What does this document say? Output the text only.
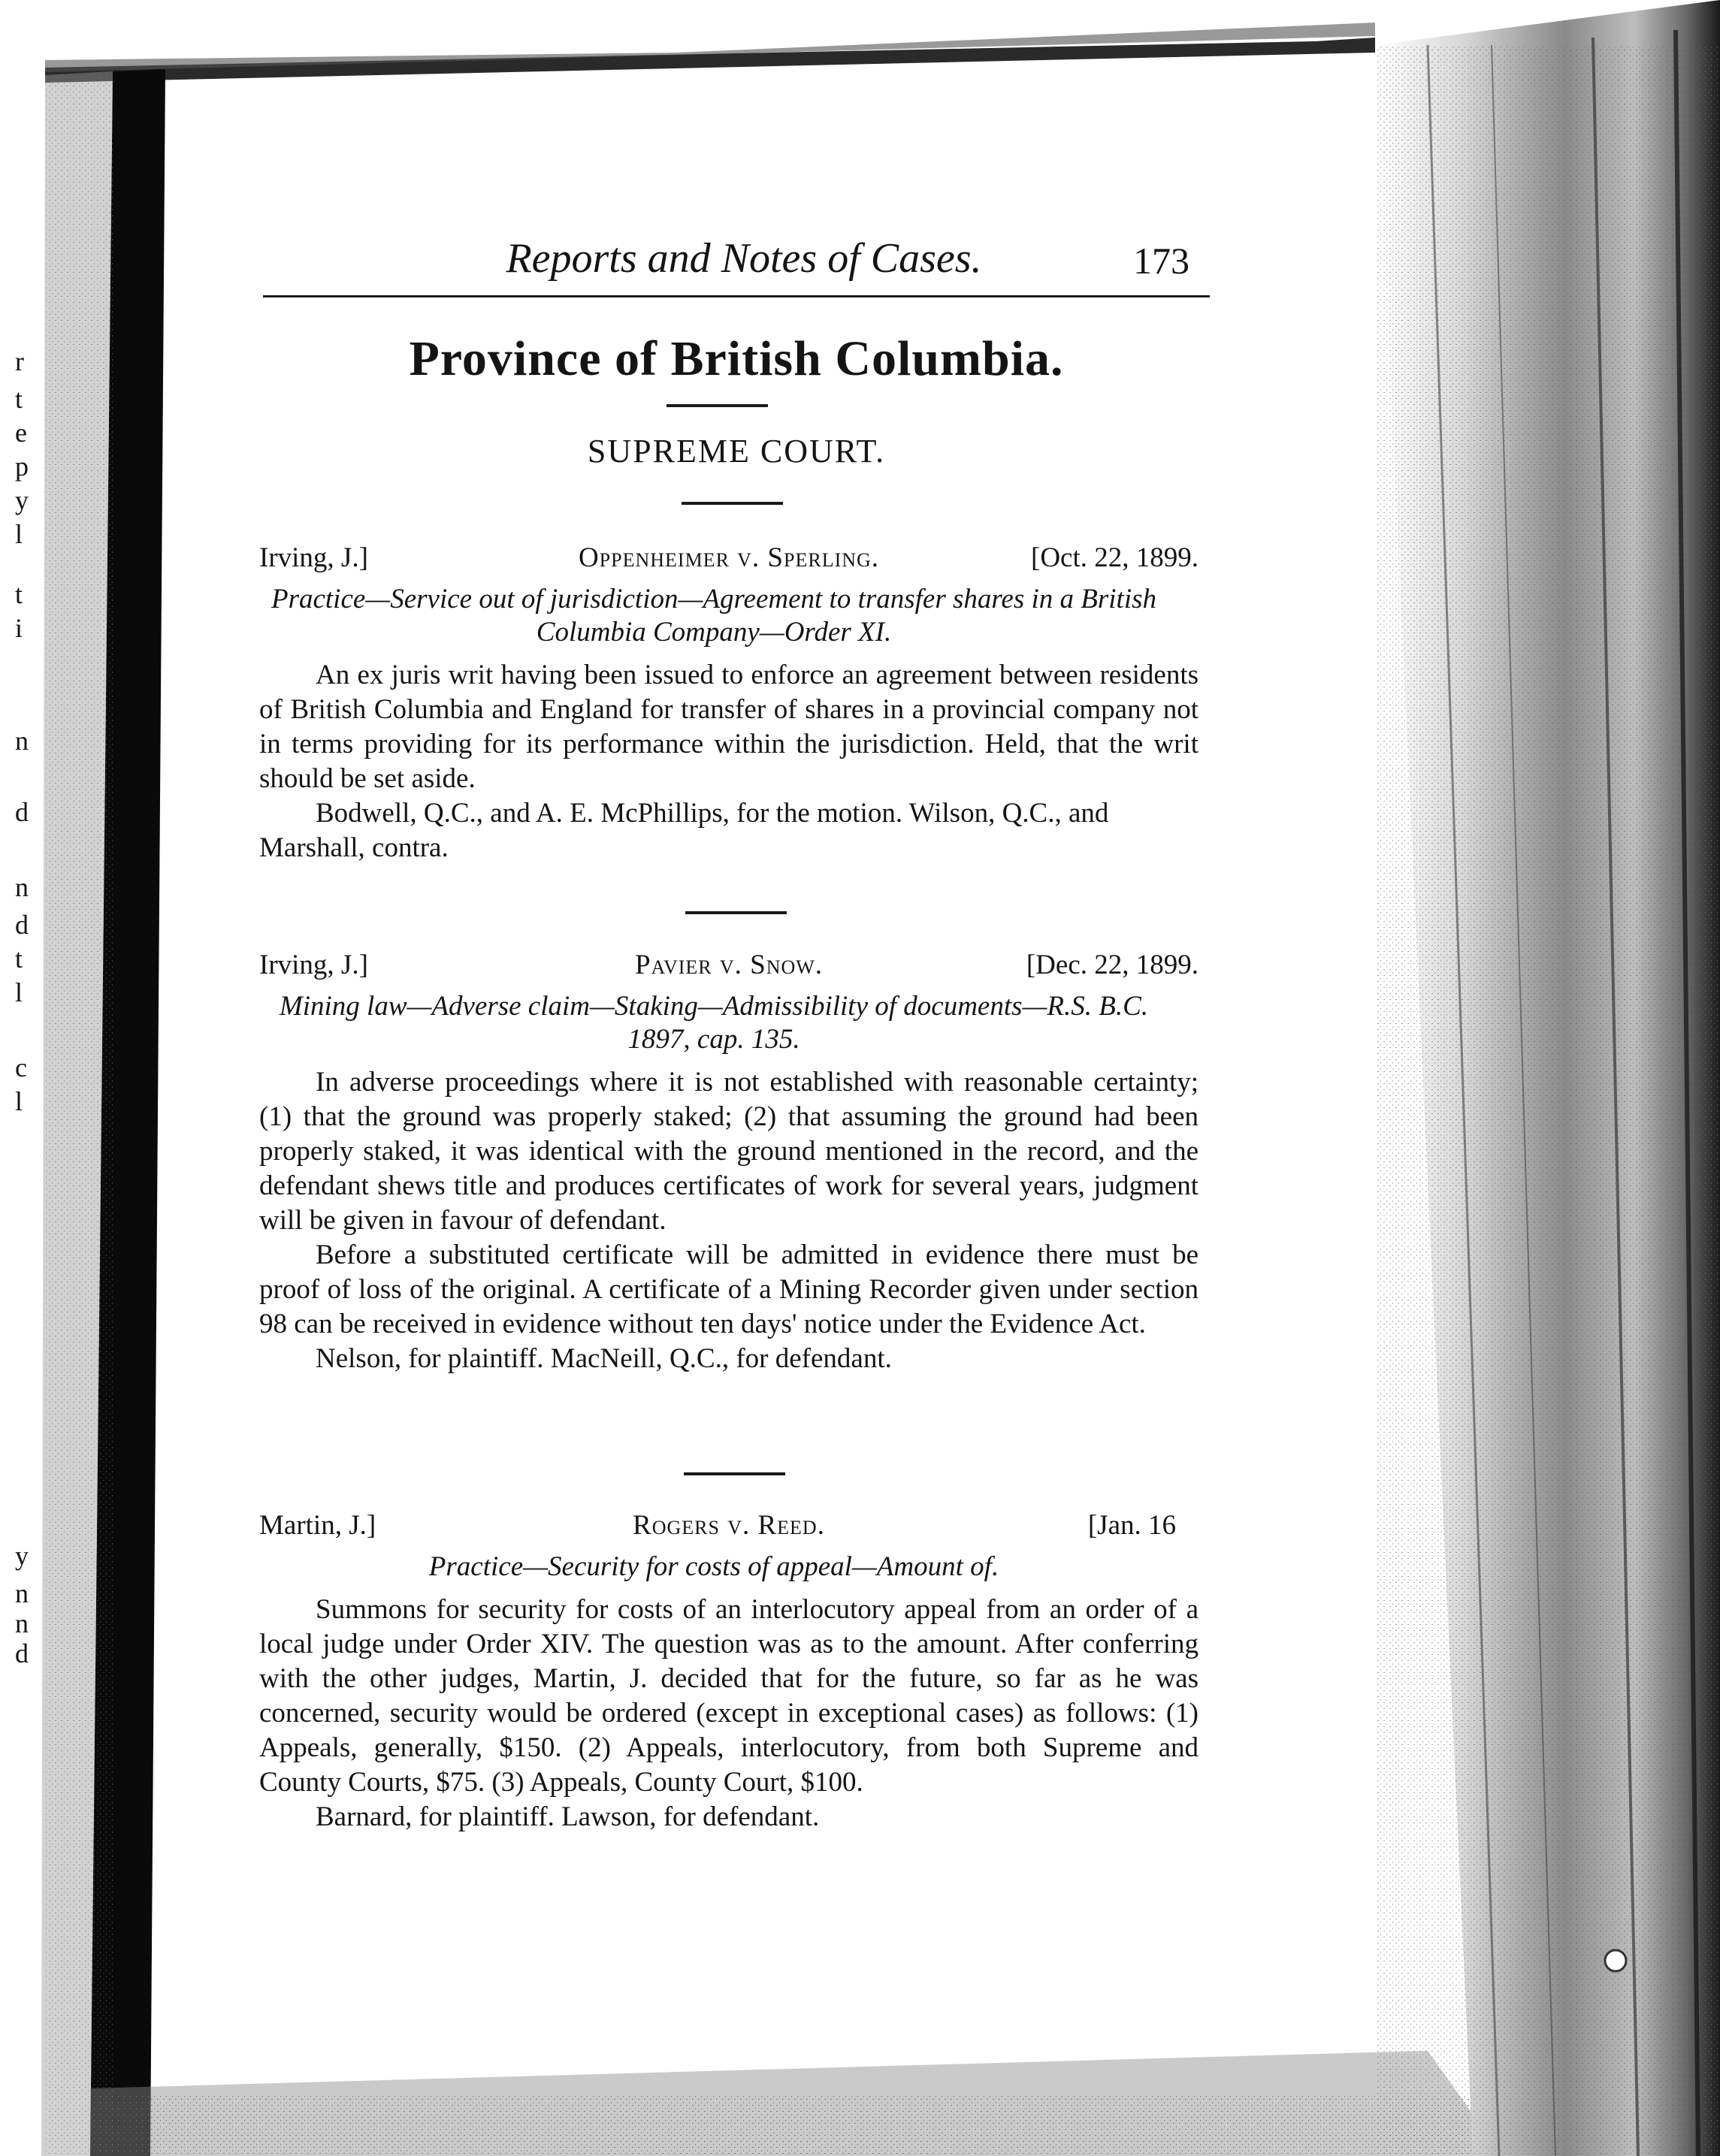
Reports and Notes of Cases.	173
Province of British Columbia.
SUPREME COURT.
Irving, J.]	Oppenheimer v. Sperling.	[Oct. 22, 1899.
Practice—Service out of jurisdiction—Agreement to transfer shares in a British Columbia Company—Order XI.

An ex juris writ having been issued to enforce an agreement between residents of British Columbia and England for transfer of shares in a provincial company not in terms providing for its performance within the jurisdiction. Held, that the writ should be set aside.

Bodwell, Q.C., and A. E. McPhillips, for the motion. Wilson, Q.C., and Marshall, contra.

Irving, J.]	Pavier v. Snow.	[Dec. 22, 1899.
Mining law—Adverse claim—Staking—Admissibility of documents—R.S. B.C. 1897, cap. 135.

In adverse proceedings where it is not established with reasonable certainty; (1) that the ground was properly staked; (2) that assuming the ground had been properly staked, it was identical with the ground mentioned in the record, and the defendant shews title and produces certificates of work for several years, judgment will be given in favour of defendant.

Before a substituted certificate will be admitted in evidence there must be proof of loss of the original. A certificate of a Mining Recorder given under section 98 can be received in evidence without ten days' notice under the Evidence Act.

Nelson, for plaintiff. MacNeill, Q.C., for defendant.

Martin, J.]	Rogers v. Reed.	[Jan. 16
Practice—Security for costs of appeal—Amount of.

Summons for security for costs of an interlocutory appeal from an order of a local judge under Order XIV. The question was as to the amount. After conferring with the other judges, Martin, J. decided that for the future, so far as he was concerned, security would be ordered (except in exceptional cases) as follows: (1) Appeals, generally, $150. (2) Appeals, interlocutory, from both Supreme and County Courts, $75. (3) Appeals, County Court, $100.

Barnard, for plaintiff. Lawson, for defendant.

r
t
e
p
y
l
t
i
n
d
n
d
t
l
c
l
y
n
n
d
